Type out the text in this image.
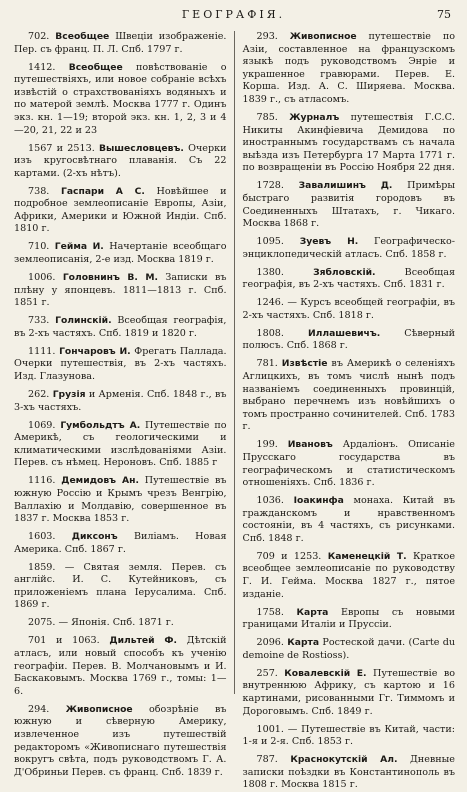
ГЕОГРАФІЯ.	75

702. Всеобщее Швеціи изображеніе. Пер. съ франц. П. Л. Спб. 1797 г.

1412. Всеобщее повѣствованіе о путешествіяхъ, или новое собраніе всѣхъ извѣстій о страхствованіяхъ водяныхъ и по матерой землѣ. Москва 1777 г. Одинъ экз. кн. 1—19; второй экз. кн. 1, 2, 3 и 4—20, 21, 22 и 23

1567 и 2513. Вышесловцевъ. Очерки изъ кругосвѣтнаго плаванія. Съ 22 картами. (2-хъ нѣтъ).

738. Гаспари А С. Новѣйшее и подробное землеописаніе Европы, Азіи, Африки, Америки и Южной Индіи. Спб. 1810 г.

710. Гейма И. Начертаніе всеобщаго землеописанія, 2-е изд. Москва 1819 г.

1006. Головнинъ В. М. Записки въ плѣну у японцевъ. 1811—1813 г. Спб. 1851 г.

733. Голинскій. Всеобщая географія, въ 2-хъ частяхъ. Спб. 1819 и 1820 г.

1111. Гончаровъ И. Фрегатъ Паллада. Очерки путешествія, въ 2-хъ частяхъ. Изд. Глазунова.

262. Грузія и Арменія. Спб. 1848 г., въ 3-хъ частяхъ.

1069. Гумбольдтъ А. Путешествіе по Америкѣ, съ геологическими и климатическими изслѣдованіями Азіи. Перев. съ нѣмец. Нероновъ. Спб. 1885 г

1116. Демидовъ Ан. Путешествіе въ южную Россію и Крымъ чрезъ Венгрію, Валлахію и Молдавію, совершенное въ 1837 г. Москва 1853 г.

1603. Диксонъ Виліамъ. Новая Америка. Спб. 1867 г.

1859. — Святая земля. Перев. съ англійс. И. С. Кутейниковъ, съ приложеніемъ плана Іерусалима. Спб. 1869 г.

2075. — Японія. Спб. 1871 г.

701 и 1063. Дильтей Ф. Дѣтскій атласъ, или новый способъ къ ученію географіи. Перев. В. Молчановымъ и И. Баскаковымъ. Москва 1769 г., томы: 1—6.

294. Живописное обозрѣніе въ южную и сѣверную Америку, извлеченное изъ путешествій редакторомъ «Живописнаго путешествія вокругъ свѣта, подъ руководствомъ Г. А. Д'Обриньи Перев. съ франц. Спб. 1839 г.

293. Живописное путешествіе по Азіи, составленное на французскомъ языкѣ подъ руководствомъ Энріе и украшенное гравюрами. Перев. Е. Корша. Изд. А. С. Ширяева. Москва. 1839 г., съ атласомъ.

785. Журналъ путешествія Г.С.С. Никиты Акинфіевича Демидова по иностраннымъ государствамъ съ начала выѣзда изъ Петербурга 17 Марта 1771 г. по возвращеніи въ Россію Ноября 22 дня.

1728. Завалишинъ Д. Примѣры быстраго развитія городовъ въ Соединенныхъ Штатахъ, г. Чикаго. Москва 1868 г.

1095. Зуевъ Н. Географическо-энциклопедическій атласъ. Спб. 1858 г.

1380. Зябловскій. Всеобщая географія, въ 2-хъ частяхъ. Спб. 1831 г.

1246. — Курсъ всеобщей географіи, въ 2-хъ частяхъ. Спб. 1818 г.

1808. Иллашевичъ. Сѣверный полюсъ. Спб. 1868 г.

781. Извѣстіе въ Америкѣ о селеніяхъ Аглицкихъ, въ томъ числѣ нынѣ подъ названіемъ соединенныхъ провинцій, выбрано перечнемъ изъ новѣйшихъ о томъ пространно сочинителей. Спб. 1783 г.

199. Ивановъ Ардаліонъ. Описаніе Прусскаго государства въ географическомъ и статистическомъ отношеніяхъ. Спб. 1836 г.

1036. Іоакинфа монаха. Китай въ гражданскомъ и нравственномъ состояніи, въ 4 частяхъ, съ рисунками. Спб. 1848 г.

709 и 1253. Каменецкій Т. Краткое всеобщее землеописаніе по руководству Г. И. Гейма. Москва 1827 г., пятое изданіе.

1758. Карта Европы съ новыми границами Италіи и Пруссіи.

2096. Карта Ростеской дачи. (Carte du demoine de Rostioss).

257. Ковалевскій Е. Путешествіе во внутреннюю Африку, съ картою и 16 картинами, рисованными Гг. Тиммомъ и Дороговымъ. Спб. 1849 г.

1001. — Путешествіе въ Китай, части: 1-я и 2-я. Спб. 1853 г.

787. Краснокутскій Ал. Дневные записки поѣздки въ Константинополь въ 1808 г. Москва 1815 г.
